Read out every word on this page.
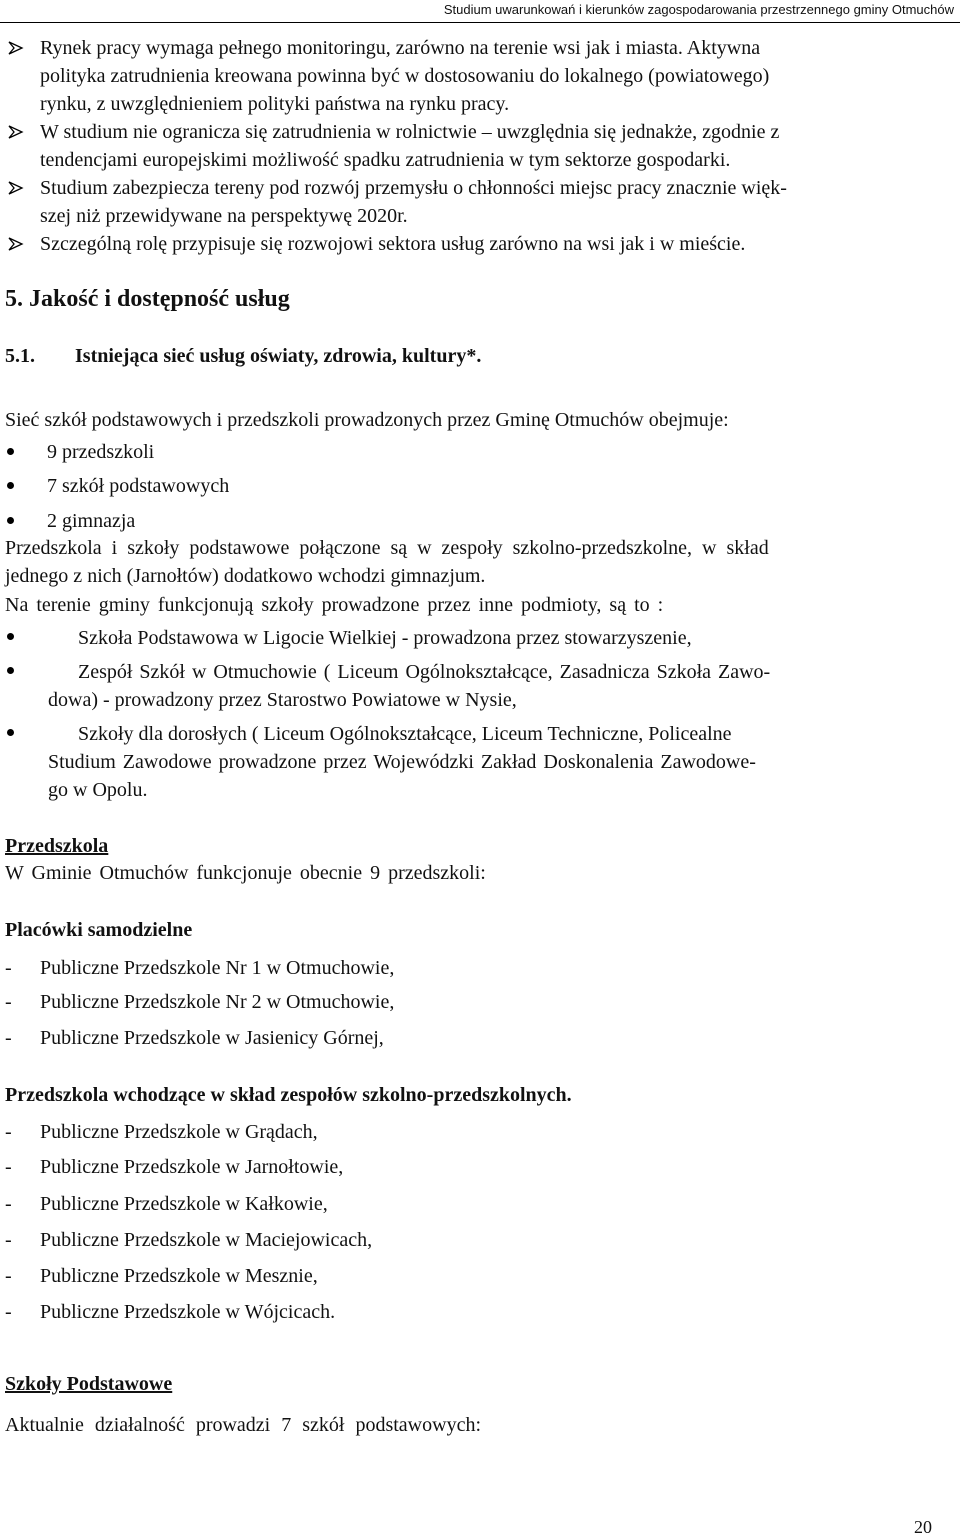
Studium uwarunkowań i kierunków zagospodarowania przestrzennego gminy Otmuchów
Rynek pracy wymaga pełnego monitoringu, zarówno na terenie wsi jak i miasta. Aktywna
polityka zatrudnienia kreowana powinna być w dostosowaniu do lokalnego (powiatowego)
rynku, z uwzględnieniem polityki państwa na rynku pracy.
W studium nie ogranicza się zatrudnienia w rolnictwie – uwzględnia się jednakże, zgodnie z
tendencjami europejskimi możliwość spadku zatrudnienia w tym sektorze gospodarki.
Studium zabezpiecza tereny pod rozwój przemysłu o chłonności miejsc pracy znacznie więk-
szej niż przewidywane na perspektywę 2020r.
Szczególną rolę przypisuje się rozwojowi sektora usług zarówno na wsi jak i w mieście.
5. Jakość i dostępność usług
5.1. Istniejąca sieć usług oświaty, zdrowia, kultury*.
Sieć szkół podstawowych i przedszkoli prowadzonych przez Gminę Otmuchów obejmuje:
9 przedszkoli
7 szkół podstawowych
2 gimnazja
Przedszkola i szkoły podstawowe połączone są w zespoły szkolno-przedszkolne, w skład
jednego z nich (Jarnołtów) dodatkowo wchodzi gimnazjum.
Na terenie gminy funkcjonują szkoły prowadzone przez inne podmioty, są to :
Szkoła Podstawowa w Ligocie Wielkiej - prowadzona przez stowarzyszenie,
Zespół Szkół w Otmuchowie ( Liceum Ogólnokształcące, Zasadnicza Szkoła Zawo-
dowa) - prowadzony przez Starostwo Powiatowe w Nysie,
Szkoły dla dorosłych ( Liceum Ogólnokształcące, Liceum Techniczne, Policealne
Studium Zawodowe prowadzone przez Wojewódzki Zakład Doskonalenia Zawodowe-
go w Opolu.
Przedszkola
W Gminie Otmuchów funkcjonuje obecnie 9 przedszkoli:
Placówki samodzielne
- Publiczne Przedszkole Nr 1 w Otmuchowie,
- Publiczne Przedszkole Nr 2 w Otmuchowie,
- Publiczne Przedszkole w Jasienicy Górnej,
Przedszkola wchodzące w skład zespołów szkolno-przedszkolnych.
- Publiczne Przedszkole w Grądach,
- Publiczne Przedszkole w Jarnołtowie,
- Publiczne Przedszkole w Kałkowie,
- Publiczne Przedszkole w Maciejowicach,
- Publiczne Przedszkole w Mesznie,
- Publiczne Przedszkole w Wójcicach.
Szkoły Podstawowe
Aktualnie działalność prowadzi 7 szkół podstawowych:
20
